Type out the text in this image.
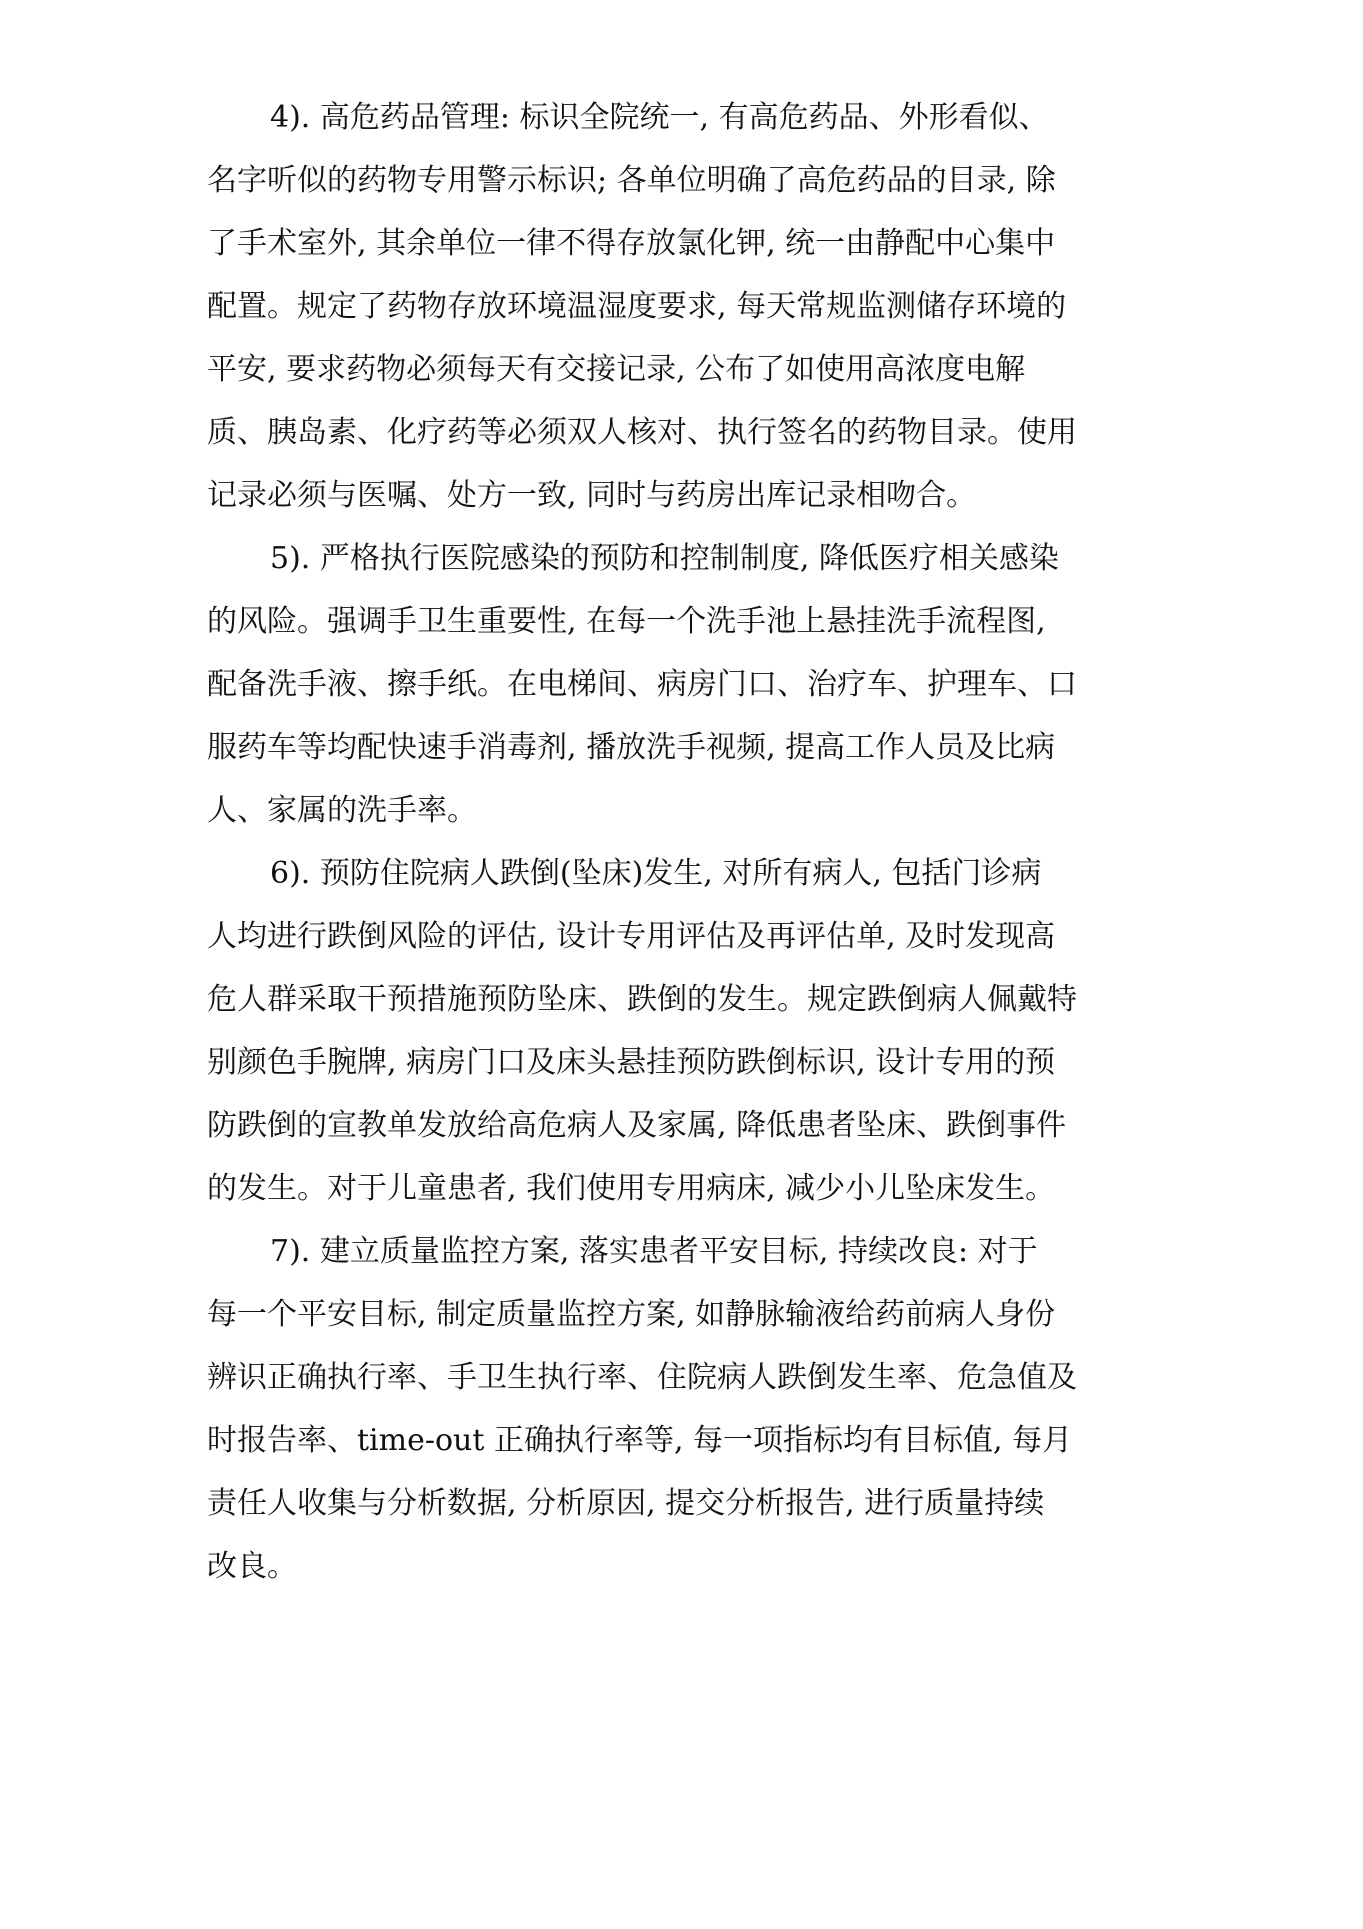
4). 高危药品管理: 标识全院统一, 有高危药品、外形看似、
名字听似的药物专用警示标识; 各单位明确了高危药品的目录, 除
了手术室外, 其余单位一律不得存放氯化钾, 统一由静配中心集中
配置。规定了药物存放环境温湿度要求, 每天常规监测储存环境的
平安, 要求药物必须每天有交接记录, 公布了如使用高浓度电解
质、胰岛素、化疗药等必须双人核对、执行签名的药物目录。使用
记录必须与医嘱、处方一致, 同时与药房出库记录相吻合。
5). 严格执行医院感染的预防和控制制度, 降低医疗相关感染
的风险。强调手卫生重要性, 在每一个洗手池上悬挂洗手流程图,
配备洗手液、擦手纸。在电梯间、病房门口、治疗车、护理车、口
服药车等均配快速手消毒剂, 播放洗手视频, 提高工作人员及比病
人、家属的洗手率。
6). 预防住院病人跌倒(坠床)发生, 对所有病人, 包括门诊病
人均进行跌倒风险的评估, 设计专用评估及再评估单, 及时发现高
危人群采取干预措施预防坠床、跌倒的发生。规定跌倒病人佩戴特
别颜色手腕牌, 病房门口及床头悬挂预防跌倒标识, 设计专用的预
防跌倒的宣教单发放给高危病人及家属, 降低患者坠床、跌倒事件
的发生。对于儿童患者, 我们使用专用病床, 减少小儿坠床发生。
7). 建立质量监控方案, 落实患者平安目标, 持续改良: 对于
每一个平安目标, 制定质量监控方案, 如静脉输液给药前病人身份
辨识正确执行率、手卫生执行率、住院病人跌倒发生率、危急值及
时报告率、time-out 正确执行率等, 每一项指标均有目标值, 每月
责任人收集与分析数据, 分析原因, 提交分析报告, 进行质量持续
改良。
